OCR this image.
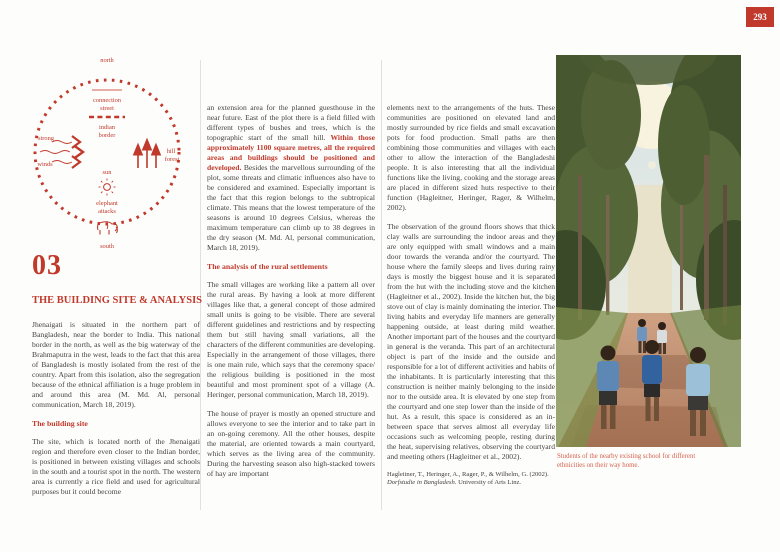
293
north
connection
street
indian
border
strong
winds
hill
forest
sun
elephant
attacks
south
03
THE BUILDING SITE & ANALYSIS

Jhenaigati is situated in the northern part of Bangladesh, near the border to India. This national border in the north, as well as the big waterway of the Brahmaputra in the west, leads to the fact that this area of Bangladesh is mostly isolated from the rest of the country. Apart from this isolation, also the segregation because of the ethnical affiliation is a huge problem in and around this area (M. Md. Al, personal communication, March 18, 2019).

The building site

The site, which is located north of the Jhenaigati region and therefore even closer to the Indian border, is positioned in between existing villages and schools in the south and a tourist spot in the north. The western area is currently a rice field and used for agricultural purposes but it could become

an extension area for the planned guesthouse in the near future. East of the plot there is a field filled with different types of bushes and trees, which is the topographic start of the small hill. Within those approximately 1100 square metres, all the required areas and buildings should be positioned and developed. Besides the marvellous surrounding of the plot, some threats and climatic influences also have to be considered and examined. Especially important is the fact that this region belongs to the subtropical climate. This means that the lowest temperature of the seasons is around 10 degrees Celsius, whereas the maximum temperature can climb up to 38 degrees in the dry season (M. Md. Al, personal communication, March 18, 2019).

The analysis of the rural settlements

The small villages are working like a pattern all over the rural areas. By having a look at more different villages like that, a general concept of those admired small units is going to be visible. There are several different guidelines and restrictions and by respecting them but still having small variations, all the characters of the different communities are developing. Especially in the arrangement of those villages, there is one main rule, which says that the ceremony space/ the religious building is positioned in the most beautiful and most prominent spot of a village (A. Heringer, personal communication, March 18, 2019).

The house of prayer is mostly an opened structure and allows everyone to see the interior and to take part in an on-going ceremony. All the other houses, despite the material, are oriented towards a main courtyard, which serves as the living area of the community. During the harvesting season also high-stacked towers of hay are important

elements next to the arrangements of the huts. These communities are positioned on elevated land and mostly surrounded by rice fields and small excavation pots for food production. Small paths are then combining those communities and villages with each other to allow the interaction of the Bangladeshi people. It is also interesting that all the individual functions like the living, cooking and the storage areas are placed in different sized huts respective to their function (Hagleitner, Heringer, Rager, & Wilhelm, 2002).

The observation of the ground floors shows that thick clay walls are surrounding the indoor areas and they are only equipped with small windows and a main door towards the veranda and/or the courtyard. The house where the family sleeps and lives during rainy days is mostly the biggest house and it is separated from the hut with the including stove and the kitchen (Hagleitner et al., 2002). Inside the kitchen hut, the big stove out of clay is mainly dominating the interior. The living habits and everyday life manners are generally happening outside, at least during mild weather. Another important part of the houses and the courtyard in general is the veranda. This part of an architectural object is part of the inside and the outside and responsible for a lot of different activities and habits of the inhabitants. It is particularly interesting that this construction is neither mainly belonging to the inside nor to the outside area. It is elevated by one step from the courtyard and one step lower than the inside of the hut. As a result, this space is considered as an in-between space that serves almost all everyday life occasions such as welcoming people, resting during the heat, supervising relatives, observing the courtyard and meeting others (Hagleitner et al., 2002).

Hagleitner, T., Heringer, A., Rager, P., & Wilhelm, G. (2002). Dorfstudie in Bangladesh. University of Arts Linz.
Students of the nearby existing school for different ethnicities on their way home.
